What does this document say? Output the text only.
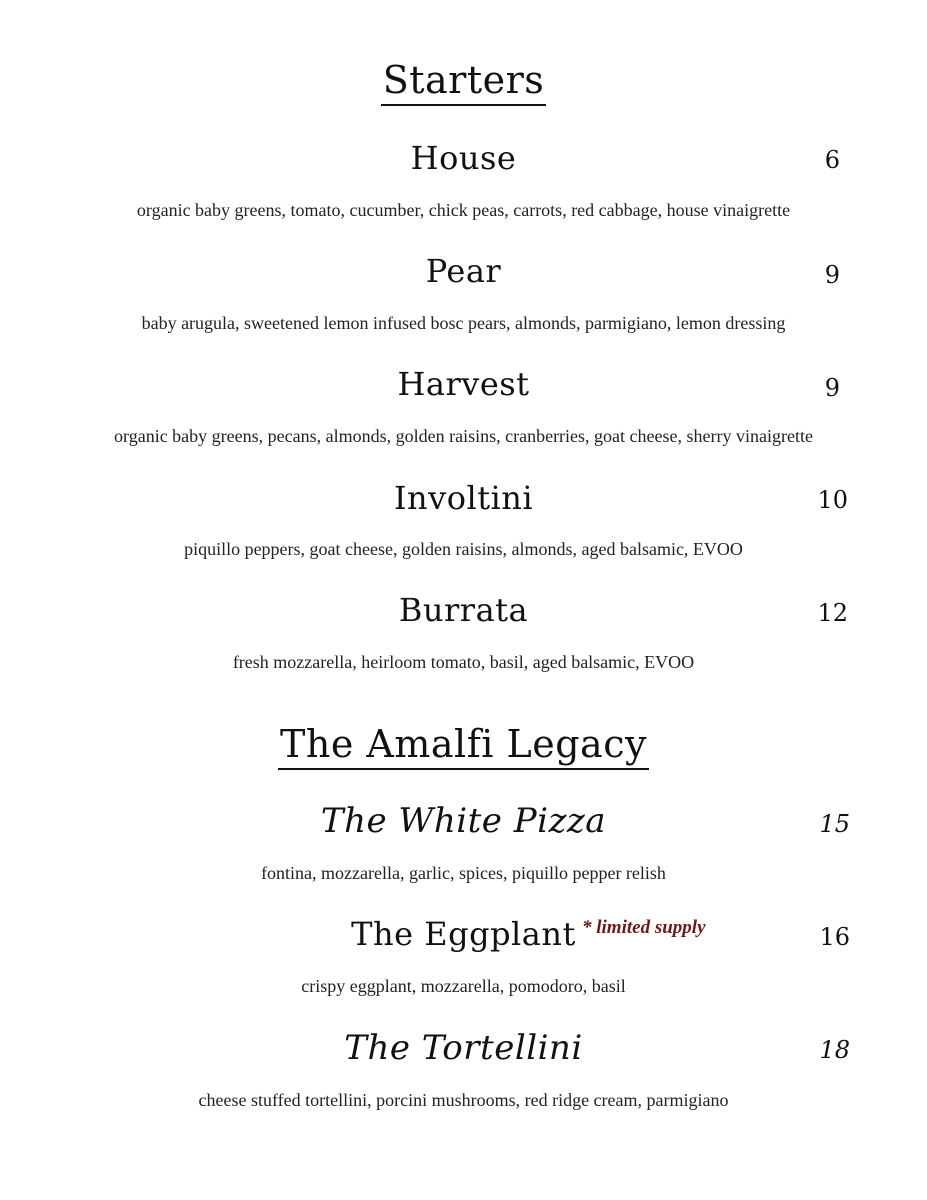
Starters
House	6
organic baby greens, tomato, cucumber, chick peas, carrots, red cabbage, house vinaigrette
Pear	9
baby arugula, sweetened lemon infused bosc pears, almonds, parmigiano, lemon dressing
Harvest	9
organic baby greens, pecans, almonds, golden raisins, cranberries, goat cheese, sherry vinaigrette
Involtini	10
piquillo peppers, goat cheese, golden raisins, almonds, aged balsamic, EVOO
Burrata	12
fresh mozzarella, heirloom tomato, basil, aged balsamic, EVOO
The Amalfi Legacy
The White Pizza	15
fontina, mozzarella, garlic, spices, piquillo pepper relish
The Eggplant * limited supply	16
crispy eggplant, mozzarella, pomodoro, basil
The Tortellini	18
cheese stuffed tortellini, porcini mushrooms, red ridge cream, parmigiano
